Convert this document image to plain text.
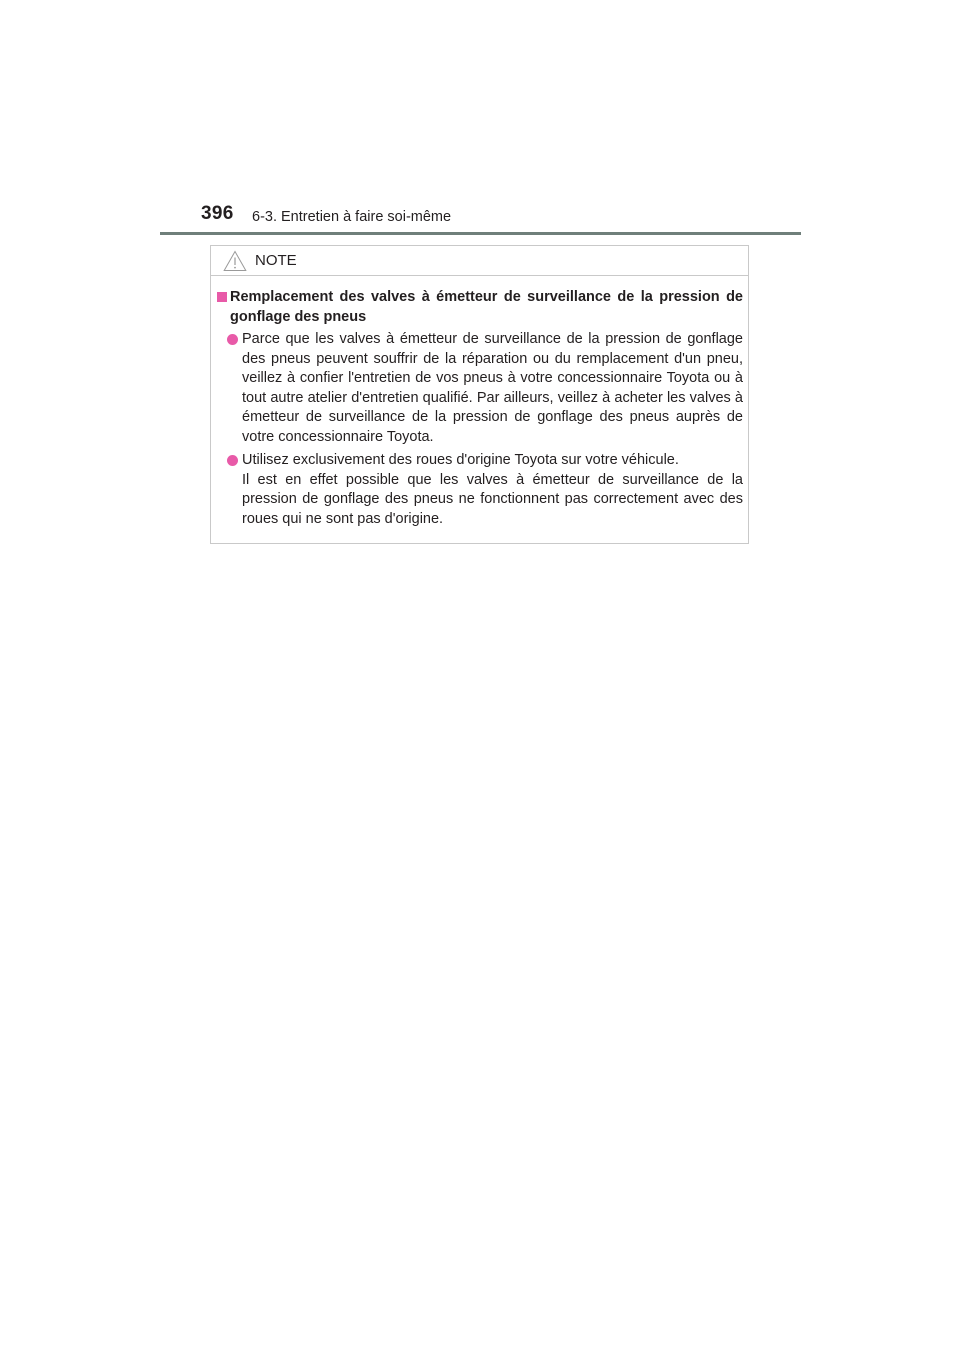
396 6-3. Entretien à faire soi-même
NOTE
Remplacement des valves à émetteur de surveillance de la pression de gonflage des pneus
Parce que les valves à émetteur de surveillance de la pression de gonflage des pneus peuvent souffrir de la réparation ou du remplacement d'un pneu, veillez à confier l'entretien de vos pneus à votre concessionnaire Toyota ou à tout autre atelier d'entretien qualifié. Par ailleurs, veillez à acheter les valves à émetteur de surveillance de la pression de gonflage des pneus auprès de votre concessionnaire Toyota.
Utilisez exclusivement des roues d'origine Toyota sur votre véhicule.
Il est en effet possible que les valves à émetteur de surveillance de la pression de gonflage des pneus ne fonctionnent pas correctement avec des roues qui ne sont pas d'origine.
